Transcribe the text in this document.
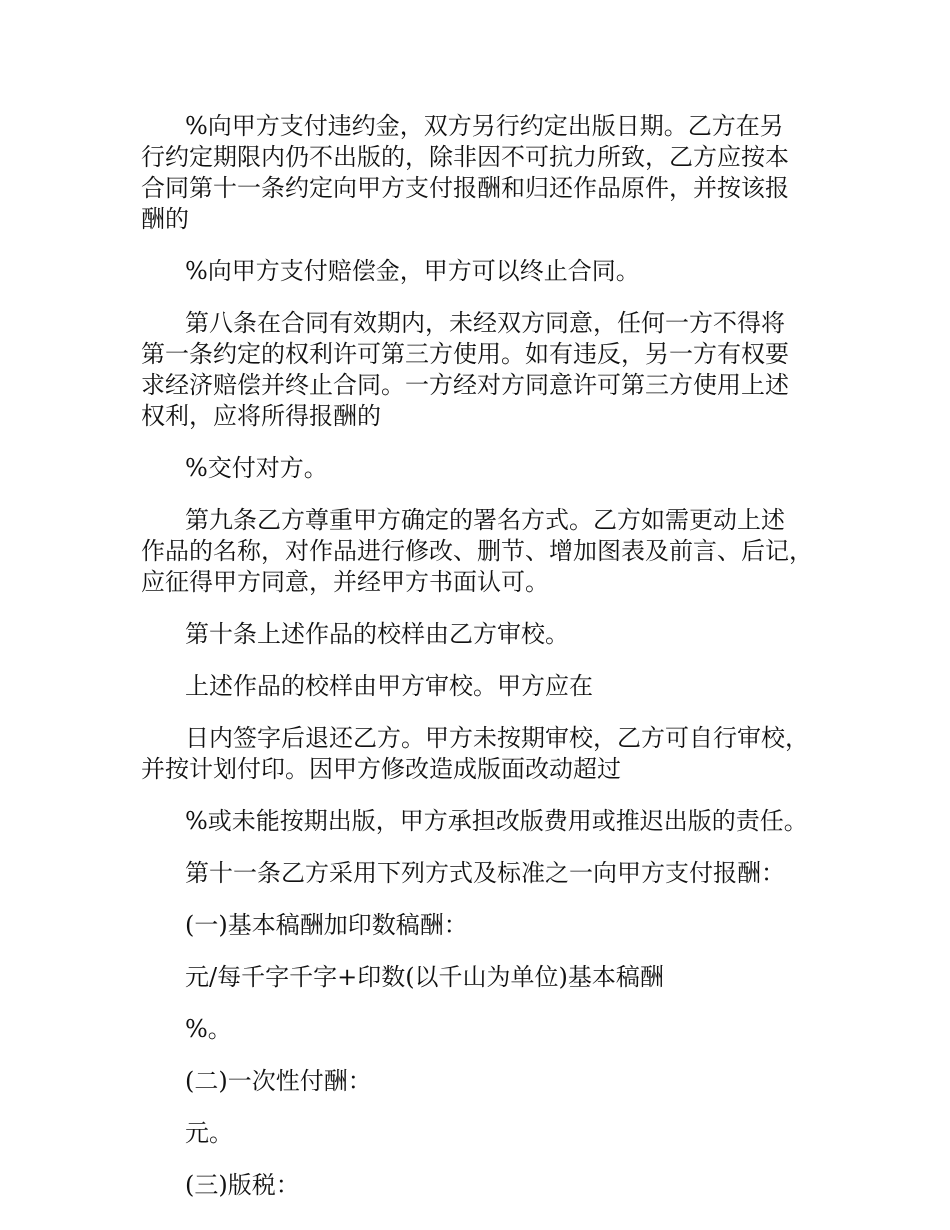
%向甲方支付违约金，双方另行约定出版日期。乙方在另
行约定期限内仍不出版的，除非因不可抗力所致，乙方应按本
合同第十一条约定向甲方支付报酬和归还作品原件，并按该报
酬的
%向甲方支付赔偿金，甲方可以终止合同。
第八条在合同有效期内，未经双方同意，任何一方不得将
第一条约定的权利许可第三方使用。如有违反，另一方有权要
求经济赔偿并终止合同。一方经对方同意许可第三方使用上述
权利，应将所得报酬的
%交付对方。
第九条乙方尊重甲方确定的署名方式。乙方如需更动上述
作品的名称，对作品进行修改、删节、增加图表及前言、后记，
应征得甲方同意，并经甲方书面认可。
第十条上述作品的校样由乙方审校。
上述作品的校样由甲方审校。甲方应在
日内签字后退还乙方。甲方未按期审校，乙方可自行审校，
并按计划付印。因甲方修改造成版面改动超过
%或未能按期出版，甲方承担改版费用或推迟出版的责任。
第十一条乙方采用下列方式及标准之一向甲方支付报酬：
(一)基本稿酬加印数稿酬：
元/每千字千字+印数(以千山为单位)基本稿酬
%。
(二)一次性付酬：
元。
(三)版税：
